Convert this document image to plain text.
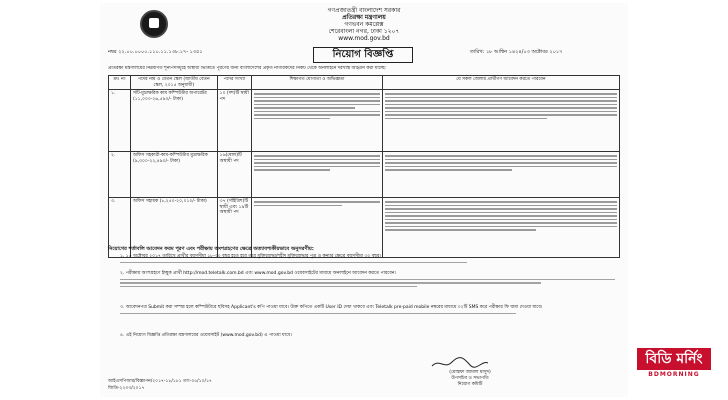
গণপ্রজাতন্ত্রী বাংলাদেশ সরকার
প্রতিরক্ষা মন্ত্রণালয়
গণভবন কমপ্লেক্স
শেরেবাংলা নগর, ঢাকা ১২০৭
www.mod.gov.bd
নম্বর ২২.০০.০০০০.১১০.১১.১৩৮.১৭- ১৩৫১	তারিখ: ১৮ আশ্বিন ১৪২৪/০৩ অক্টোবর ২০১৭
নিয়োগ বিজ্ঞপ্তি
প্রতিরক্ষা মন্ত্রণালয়ের নিম্নবর্ণিত শূন্যপদসমূহে অস্থায়ী ভিত্তিতে পূরণের জন্য বাংলাদেশের প্রকৃত নাগরিকদের নিকট থেকে অনলাইনে দরখাস্ত আহ্বান করা যাচ্ছে:
ক্রঃ নং	পদের নাম ও বেতন স্কেল (জাতীয় বেতন স্কেল, ২০১৫ অনুযায়ী)	পদের সংখ্যা	শিক্ষাগত যোগ্যতা ও অভিজ্ঞতা	যে সকল জেলার প্রার্থীগণ আবেদন করতে পারবেন
১.	সাঁট-মুদ্রাক্ষরিক কাম কম্পিউটার অপারেটর (১১,০০০-২৬,৫৯০/- টাকা)	১০ (দশ)টি স্থায়ী পদ	

২.	অফিস সহকারী-কাম-কম্পিউটার মুদ্রাক্ষরিক (৯,৩০০-২২,৪৯০/- টাকা)	১৬(ষোল)টি অস্থায়ী পদ	

৩.	অফিস সহায়ক (৮,২৫০-২০,০১০/- টাকা)	৩৭ (সাঁইত্রিশ)টি স্থায়ী এবং ১৯টি অস্থায়ী পদ	

নিয়োগের শর্তাবলি আবেদন ফরম পূরণ এবং পরীক্ষায় অংশগ্রহণের ক্ষেত্রে অত্যাবশ্যকীয়ভাবে অনুসরণীয়:
১. ১৫ অক্টোবর ২০১৭ তারিখে প্রার্থীর বয়সসীমা ১৮-৩০ বছর হতে হবে তবে মুক্তিযোদ্ধা/শহীদ মুক্তিযোদ্ধার পুত্র ও কন্যার ক্ষেত্রে বয়সসীমা ৩২ বছর।
২. পরীক্ষায় অংশগ্রহণে ইচ্ছুক প্রার্থী http://mod.teletalk.com.bd এবং www.mod.gov.bd ওয়েবসাইটের মাধ্যমে অনলাইনে আবেদন করতে পারবেন।
৩. আবেদনপত্র Submit করা সম্পন্ন হলে কম্পিউটারে ছবিসহ Applicant's কপি পাওয়া যাবে। উক্ত কপিতে একটি User ID দেয়া থাকবে এবং Teletalk pre-paid mobile নম্বরের মাধ্যমে ০২টি SMS করে পরীক্ষার ফি জমা দেওয়া যাবে।
৪. এই নিয়োগ বিজ্ঞপ্তি প্রতিরক্ষা মন্ত্রণালয়ের ওয়েবসাইট (www.mod.gov.bd) এ পাওয়া যাবে।
(মোস্তফা জামাল মাসুদ)
উপসচিব ও সভাপতি
নিয়োগ কমিটি
আইএসপিআর/বিজ্ঞাপন/২০১৭-১৮/১৮১ তাং-০৫/১০/১৭
জিডি-২২০৩/২০১৭
বিডি মর্নিং
BDMORNING
